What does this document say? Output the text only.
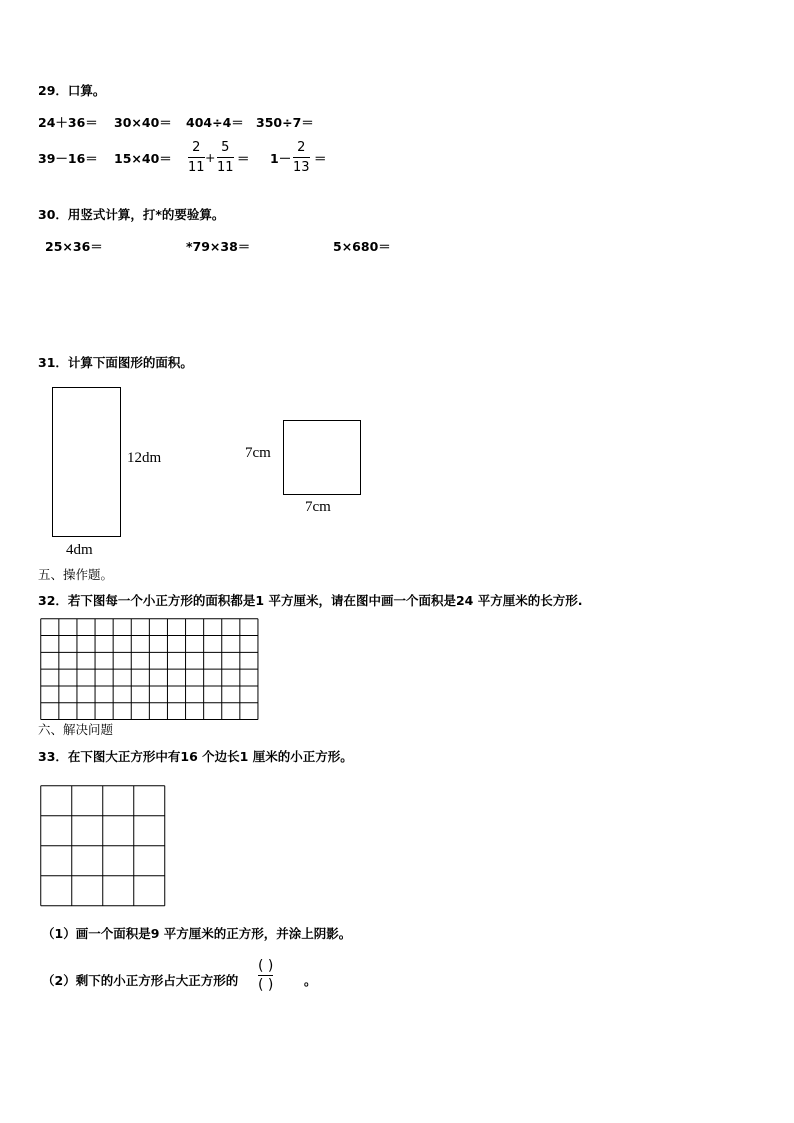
29．口算。
24＋36＝ 30×40＝ 404÷4＝ 350÷7＝
39－16＝ 15×40＝
2
11
+
5
11
＝ 1－
2
13
＝
30．用竖式计算，打*的要验算。
25×36＝	*79×38＝	5×680＝
31．计算下面图形的面积。
12dm
4dm
7cm
7cm
五、操作题。
32．若下图每一个小正方形的面积都是1 平方厘米，请在图中画一个面积是24 平方厘米的长方形.
六、解决问题
33．在下图大正方形中有16 个边长1 厘米的小正方形。
（1）画一个面积是9 平方厘米的正方形，并涂上阴影。
（2）剩下的小正方形占大正方形的
( )
( ) 。
